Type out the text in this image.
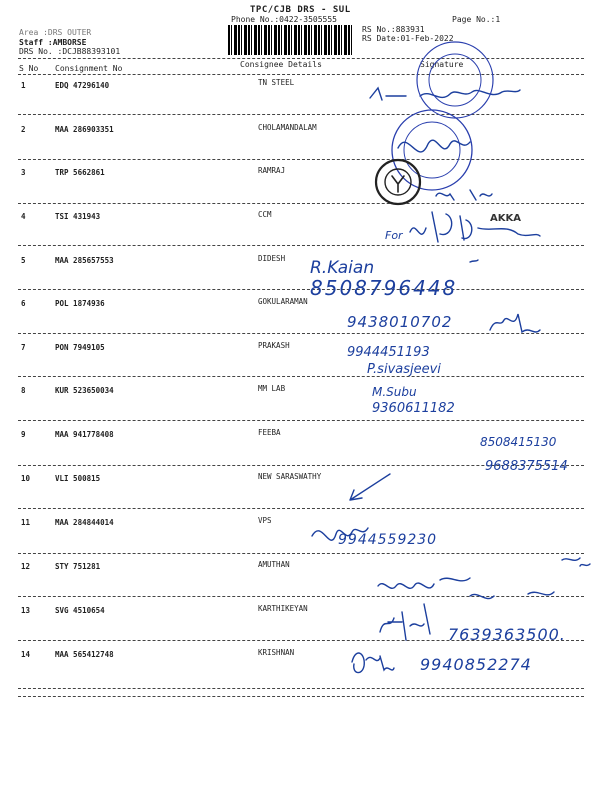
TPC/CJB DRS - SUL
Phone No.:0422-3505555	Page No.:1
Area :DRS OUTER
Staff :AMBORSE
DRS No. :DCJB88393101
RS No.:883931
RS Date:01-Feb-2022
S No Consignment No	Consignee Details	Signature
1	EDQ 47296140	TN STEEL
2	MAA 286903351	CHOLAMANDALAM
3	TRP 5662861	RAMRAJ
4	TSI 431943	CCM
5	MAA 285657553	DIDESH
6	POL 1874936	GOKULARAMAN
7	PON 7949105	PRAKASH
8	KUR 523650034	MM LAB
9	MAA 941778408	FEEBA
10	VLI 500815	NEW SARASWATHY
11	MAA 284844014	VPS
12	STY 751281	AMUTHAN
13	SVG 4510654	KARTHIKEYAN
14	MAA 565412748	KRISHNAN
For
AKKA
R.Kaian
8508796448
9438010702
9944451193
P.sivasjeevi
M.Subu
9360611182
8508415130
9688375514
9944559230
7639363500.
9940852274
